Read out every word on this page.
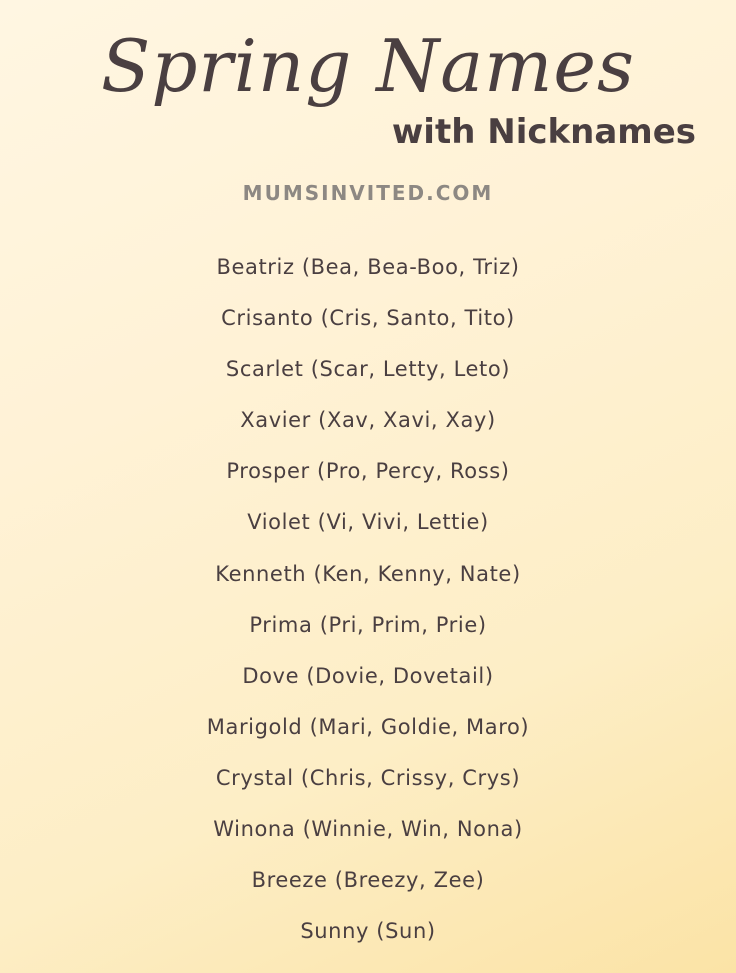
Spring Names
with Nicknames
MUMSINVITED.COM
Beatriz (Bea, Bea-Boo, Triz)
Crisanto (Cris, Santo, Tito)
Scarlet (Scar, Letty, Leto)
Xavier (Xav, Xavi, Xay)
Prosper (Pro, Percy, Ross)
Violet (Vi, Vivi, Lettie)
Kenneth (Ken, Kenny, Nate)
Prima (Pri, Prim, Prie)
Dove (Dovie, Dovetail)
Marigold (Mari, Goldie, Maro)
Crystal (Chris, Crissy, Crys)
Winona (Winnie, Win, Nona)
Breeze (Breezy, Zee)
Sunny (Sun)
